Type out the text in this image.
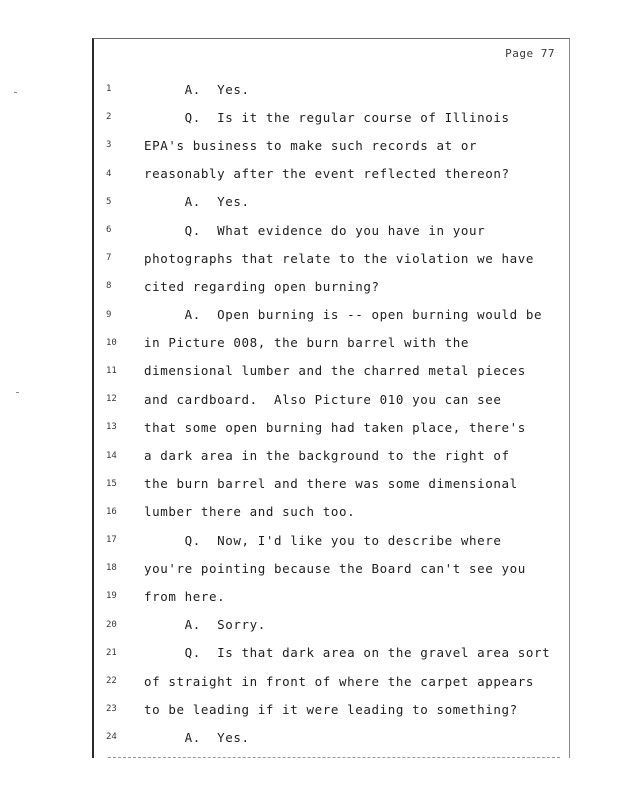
Page 77
1	A.  Yes.
2	Q.  Is it the regular course of Illinois
3	EPA's business to make such records at or
4	reasonably after the event reflected thereon?
5	A.  Yes.
6	Q.  What evidence do you have in your
7	photographs that relate to the violation we have
8	cited regarding open burning?
9	A.  Open burning is -- open burning would be
10	in Picture 008, the burn barrel with the
11	dimensional lumber and the charred metal pieces
12	and cardboard.  Also Picture 010 you can see
13	that some open burning had taken place, there's
14	a dark area in the background to the right of
15	the burn barrel and there was some dimensional
16	lumber there and such too.
17	Q.  Now, I'd like you to describe where
18	you're pointing because the Board can't see you
19	from here.
20	A.  Sorry.
21	Q.  Is that dark area on the gravel area sort
22	of straight in front of where the carpet appears
23	to be leading if it were leading to something?
24	A.  Yes.
